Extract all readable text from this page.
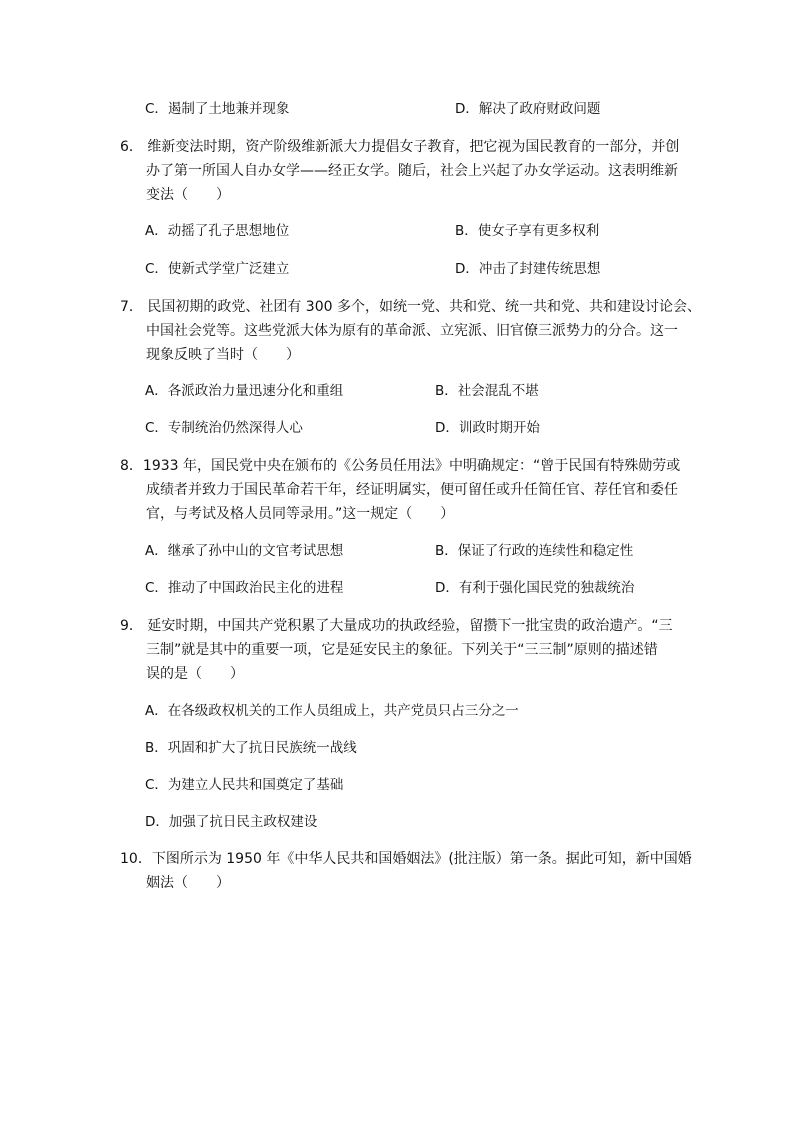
C．遏制了土地兼并现象	D．解决了政府财政问题
6． 维新变法时期，资产阶级维新派大力提倡女子教育，把它视为国民教育的一部分，并创
办了第一所国人自办女学——经正女学。随后，社会上兴起了办女学运动。这表明维新
变法（　　）
A．动摇了孔子思想地位	B．使女子享有更多权利
C．使新式学堂广泛建立	D．冲击了封建传统思想
7． 民国初期的政党、社团有 300 多个，如统一党、共和党、统一共和党、共和建设讨论会、
中国社会党等。这些党派大体为原有的革命派、立宪派、旧官僚三派势力的分合。这一
现象反映了当时（　　）
A．各派政治力量迅速分化和重组	B．社会混乱不堪
C．专制统治仍然深得人心	D．训政时期开始
8．1933 年，国民党中央在颁布的《公务员任用法》中明确规定：“曾于民国有特殊勋劳或
成绩者并致力于国民革命若干年，经证明属实，便可留任或升任简任官、荐任官和委任
官，与考试及格人员同等录用。”这一规定（　　）
A．继承了孙中山的文官考试思想	B．保证了行政的连续性和稳定性
C．推动了中国政治民主化的进程	D．有利于强化国民党的独裁统治
9． 延安时期，中国共产党积累了大量成功的执政经验，留攒下一批宝贵的政治遗产。“三
三制”就是其中的重要一项，它是延安民主的象征。下列关于“三三制”原则的描述错
误的是（　　）
A．在各级政权机关的工作人员组成上，共产党员只占三分之一
B．巩固和扩大了抗日民族统一战线
C．为建立人民共和国奠定了基础
D．加强了抗日民主政权建设
10．下图所示为 1950 年《中华人民共和国婚姻法》(批注版）第一条。据此可知，新中国婚
姻法（　　）
